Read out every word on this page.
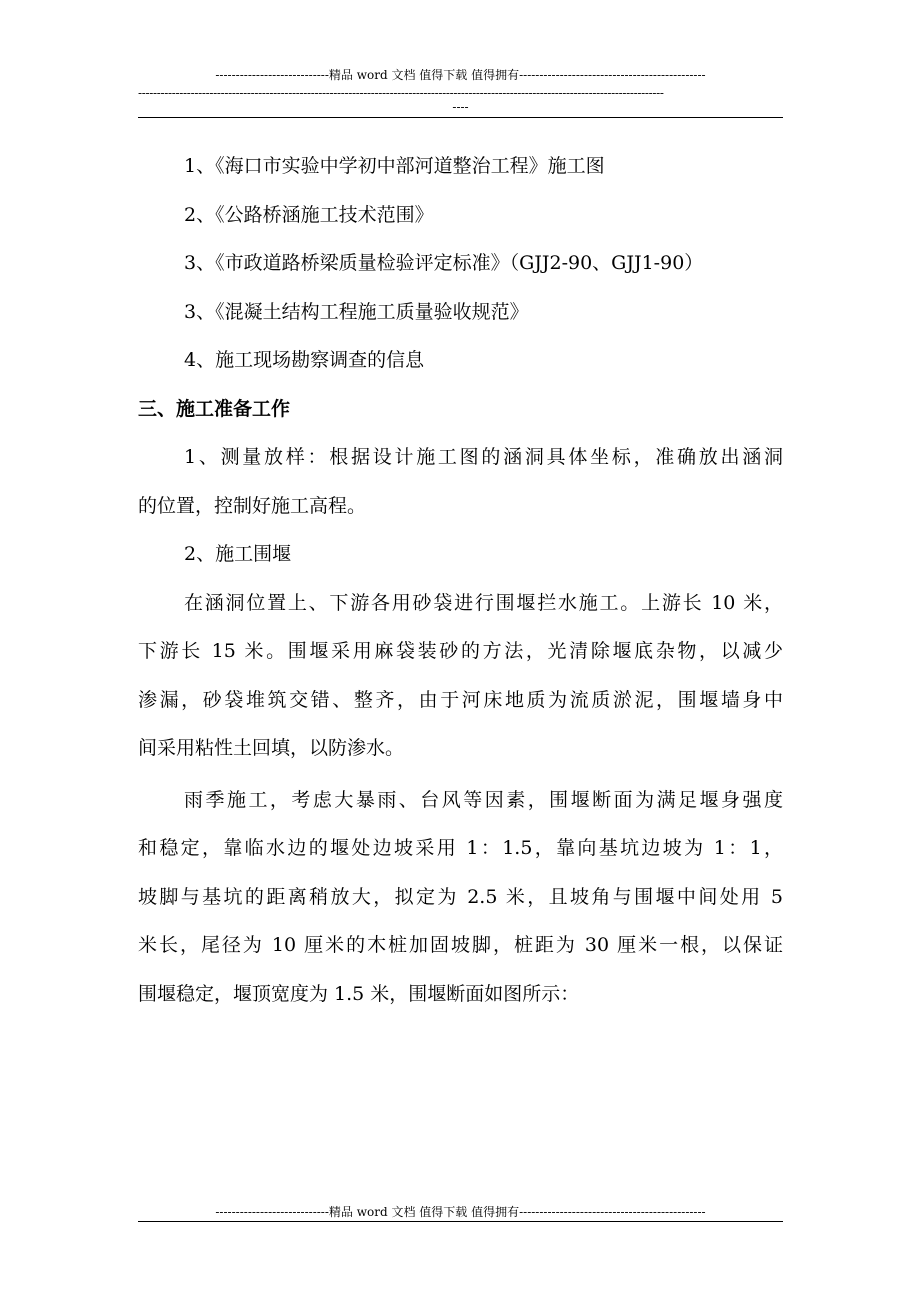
----------------------------精品 word 文档 值得下载 值得拥有----------------------------------------------
--------------------------------------------------------------------------------------------------------------------------------------------
----
1、《海口市实验中学初中部河道整治工程》施工图
2、《公路桥涵施工技术范围》
3、《市政道路桥梁质量检验评定标准》（GJJ2-90、GJJ1-90）
3、《混凝土结构工程施工质量验收规范》
4、施工现场勘察调查的信息
三、施工准备工作
1、测量放样：根据设计施工图的涵洞具体坐标，准确放出涵洞
的位置，控制好施工高程。
2、施工围堰
在涵洞位置上、下游各用砂袋进行围堰拦水施工。上游长 10 米，
下游长 15 米。围堰采用麻袋装砂的方法，光清除堰底杂物，以减少
渗漏，砂袋堆筑交错、整齐，由于河床地质为流质淤泥，围堰墙身中
间采用粘性土回填，以防渗水。
雨季施工，考虑大暴雨、台风等因素，围堰断面为满足堰身强度
和稳定，靠临水边的堰处边坡采用 1：1.5，靠向基坑边坡为 1：1，
坡脚与基坑的距离稍放大，拟定为 2.5 米，且坡角与围堰中间处用 5
米长，尾径为 10 厘米的木桩加固坡脚，桩距为 30 厘米一根，以保证
围堰稳定，堰顶宽度为 1.5 米，围堰断面如图所示：
----------------------------精品 word 文档 值得下载 值得拥有----------------------------------------------
